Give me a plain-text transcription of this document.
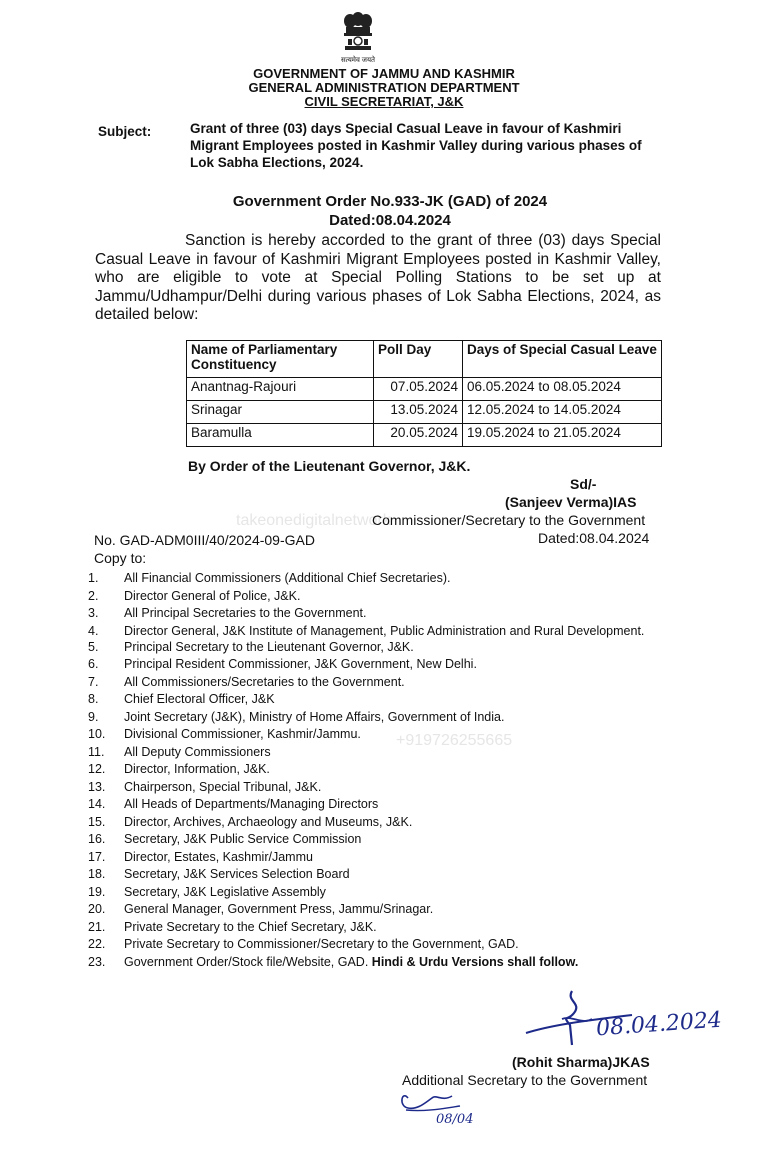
सत्यमेव जयते
GOVERNMENT OF JAMMU AND KASHMIR
GENERAL ADMINISTRATION DEPARTMENT
CIVIL SECRETARIAT, J&K
Subject:	Grant of three (03) days Special Casual Leave in favour of Kashmiri Migrant Employees posted in Kashmir Valley during various phases of Lok Sabha Elections, 2024.
Government Order No.933-JK (GAD) of 2024
Dated:08.04.2024
Sanction is hereby accorded to the grant of three (03) days Special Casual Leave in favour of Kashmiri Migrant Employees posted in Kashmir Valley, who are eligible to vote at Special Polling Stations to be set up at Jammu/Udhampur/Delhi during various phases of Lok Sabha Elections, 2024, as detailed below:
Name of Parliamentary Constituency	Poll Day	Days of Special Casual Leave
Anantnag-Rajouri	07.05.2024	06.05.2024 to 08.05.2024
Srinagar	13.05.2024	12.05.2024 to 14.05.2024
Baramulla	20.05.2024	19.05.2024 to 21.05.2024
takeonedigitalnetwork
+919726255665
By Order of the Lieutenant Governor, J&K.
Sd/-
(Sanjeev Verma)IAS
Commissioner/Secretary to the Government
No. GAD-ADM0III/40/2024-09-GAD	Dated:08.04.2024
Copy to:
1.	All Financial Commissioners (Additional Chief Secretaries).
2.	Director General of Police, J&K.
3.	All Principal Secretaries to the Government.
4.	Director General, J&K Institute of Management, Public Administration and Rural Development.
5.	Principal Secretary to the Lieutenant Governor, J&K.
6.	Principal Resident Commissioner, J&K Government, New Delhi.
7.	All Commissioners/Secretaries to the Government.
8.	Chief Electoral Officer, J&K
9.	Joint Secretary (J&K), Ministry of Home Affairs, Government of India.
10.	Divisional Commissioner, Kashmir/Jammu.
11.	All Deputy Commissioners
12.	Director, Information, J&K.
13.	Chairperson, Special Tribunal, J&K.
14.	All Heads of Departments/Managing Directors
15.	Director, Archives, Archaeology and Museums, J&K.
16.	Secretary, J&K Public Service Commission
17.	Director, Estates, Kashmir/Jammu
18.	Secretary, J&K Services Selection Board
19.	Secretary, J&K Legislative Assembly
20.	General Manager, Government Press, Jammu/Srinagar.
21.	Private Secretary to the Chief Secretary, J&K.
22.	Private Secretary to Commissioner/Secretary to the Government, GAD.
23.	Government Order/Stock file/Website, GAD. Hindi & Urdu Versions shall follow.
08.04.2024
(Rohit Sharma)JKAS
Additional Secretary to the Government
08/04
